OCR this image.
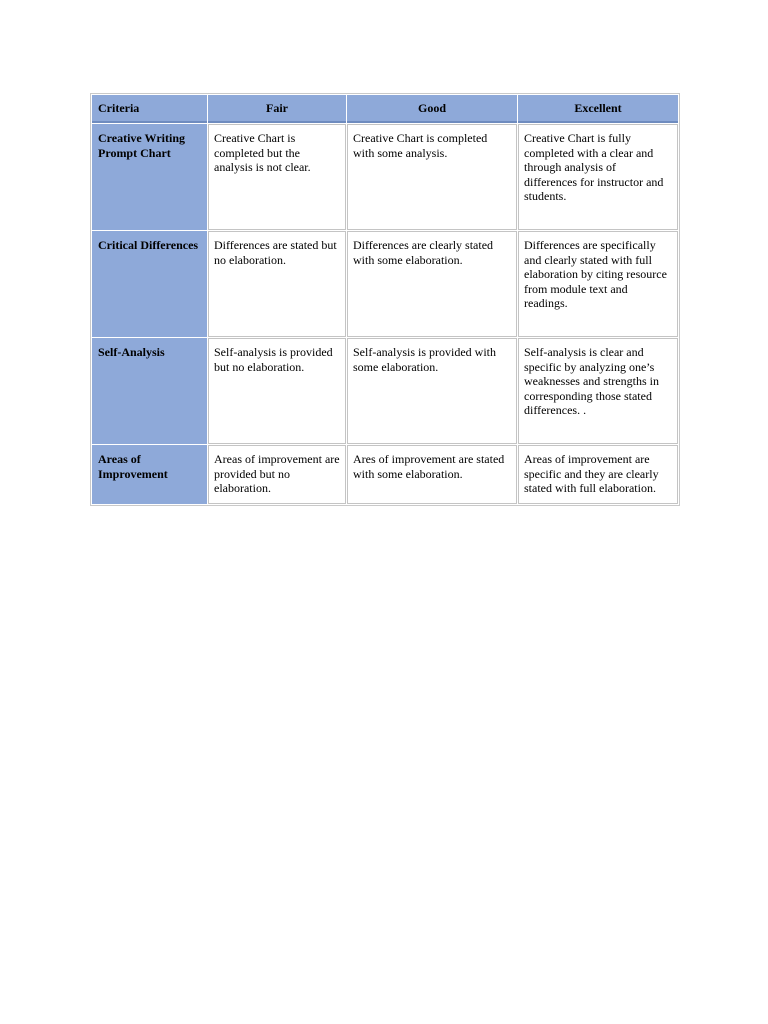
Criteria	Fair	Good	Excellent
Creative Writing Prompt Chart	Creative Chart is completed but the analysis is not clear.	Creative Chart is completed with some analysis.	Creative Chart is fully completed with a clear and through analysis of differences for instructor and students.
Critical Differences	Differences are stated but no elaboration.	Differences are clearly stated with some elaboration.	Differences are specifically and clearly stated with full elaboration by citing resource from module text and readings.
Self-Analysis	Self-analysis is provided but no elaboration.	Self-analysis is provided with some elaboration.	Self-analysis is clear and specific by analyzing one’s weaknesses and strengths in corresponding those stated differences. .
Areas of Improvement	Areas of improvement are provided but no elaboration.	Ares of improvement are stated with some elaboration.	Areas of improvement are specific and they are clearly stated with full elaboration.
